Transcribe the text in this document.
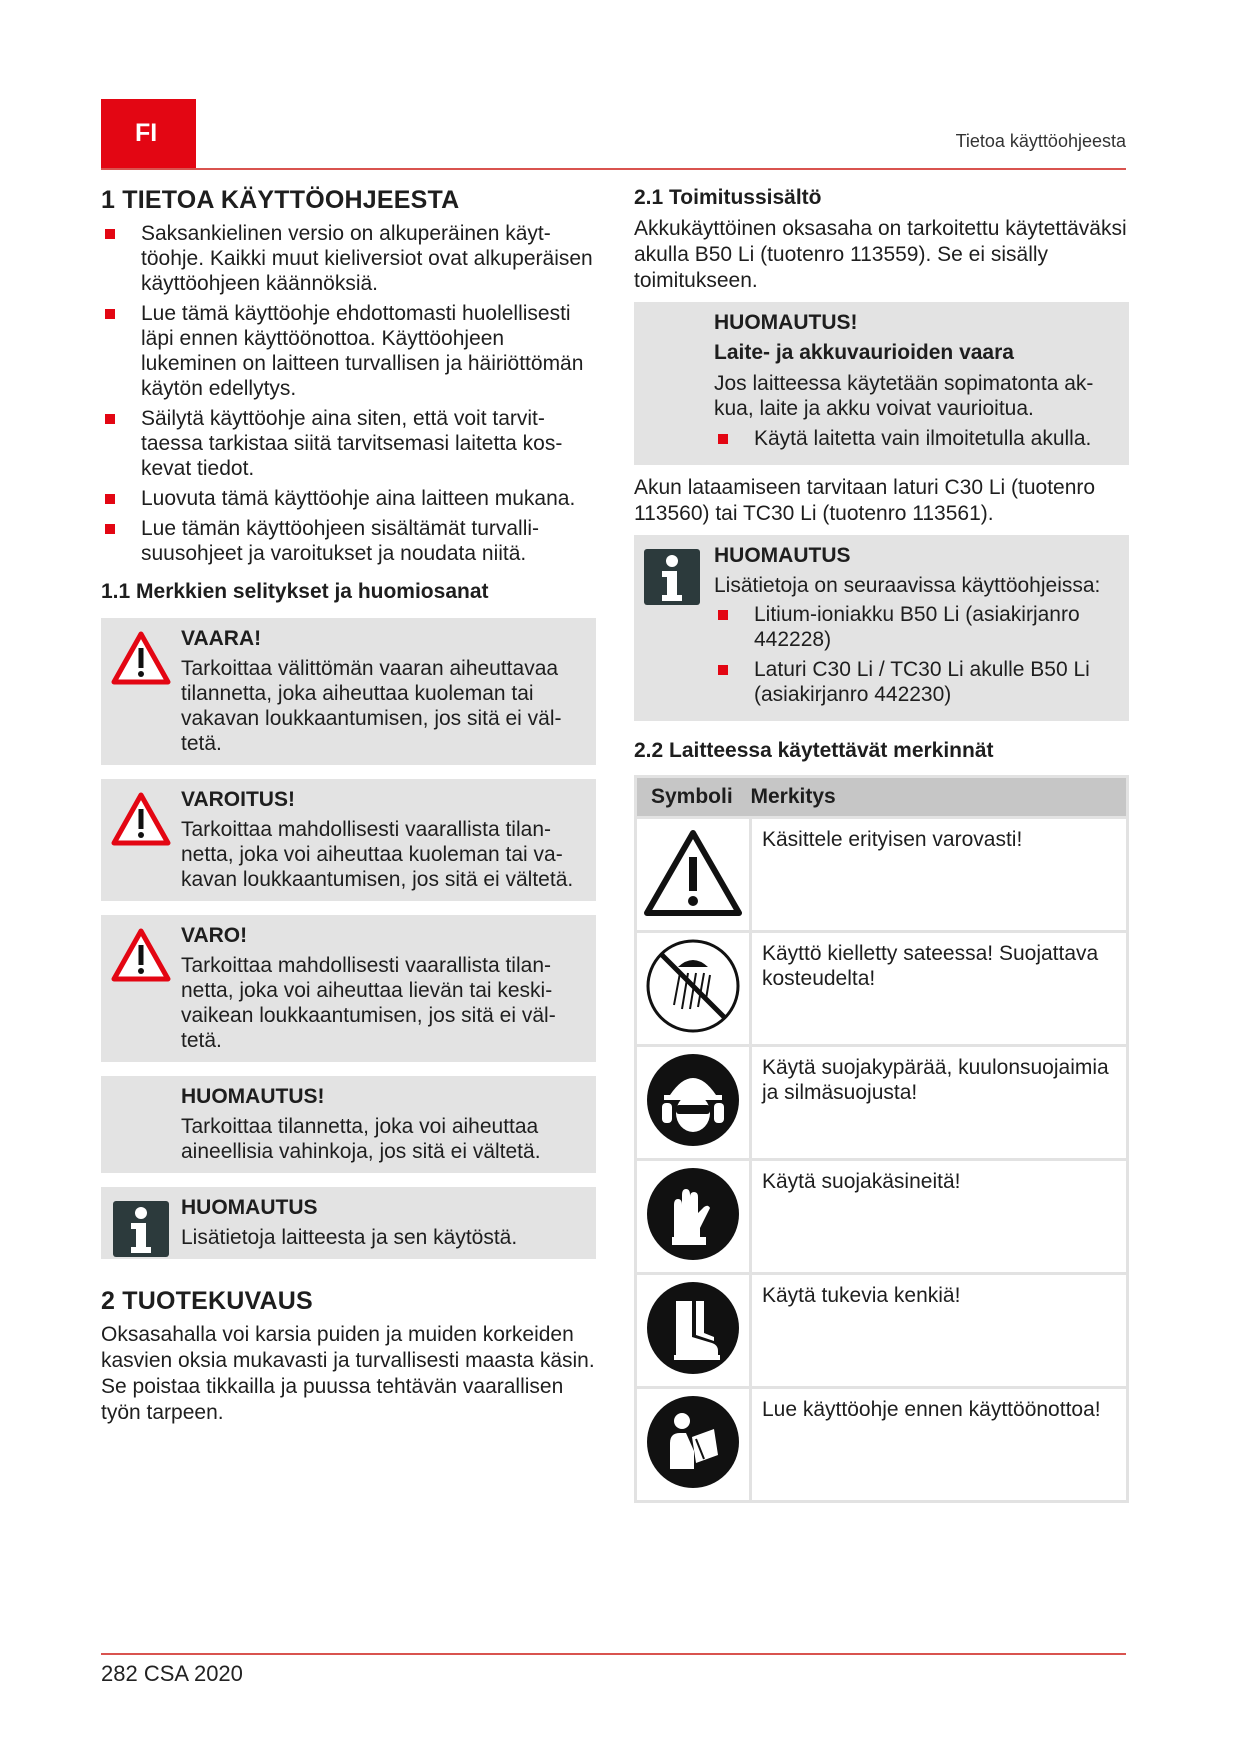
FI	Tietoa käyttöohjeesta
1 TIETOA KÄYTTÖOHJEESTA
Saksankielinen versio on alkuperäinen käyttöohje. Kaikki muut kieliversiot ovat alkuperäisen käyttöohjeen käännöksiä.
Lue tämä käyttöohje ehdottomasti huolellisesti läpi ennen käyttöönottoa. Käyttöohjeen lukeminen on laitteen turvallisen ja häiriöttömän käytön edellytys.
Säilytä käyttöohje aina siten, että voit tarvittaessa tarkistaa siitä tarvitsemasi laitetta koskevat tiedot.
Luovuta tämä käyttöohje aina laitteen mukana.
Lue tämän käyttöohjeen sisältämät turvallisuusohjeet ja varoitukset ja noudata niitä.
1.1 Merkkien selitykset ja huomiosanat
VAARA!
Tarkoittaa välittömän vaaran aiheuttavaa tilannetta, joka aiheuttaa kuoleman tai vakavan loukkaantumisen, jos sitä ei vältetä.
VAROITUS!
Tarkoittaa mahdollisesti vaarallista tilannetta, joka voi aiheuttaa kuoleman tai vakavan loukkaantumisen, jos sitä ei vältetä.
VARO!
Tarkoittaa mahdollisesti vaarallista tilannetta, joka voi aiheuttaa lievän tai keskivaikean loukkaantumisen, jos sitä ei vältetä.
HUOMAUTUS!
Tarkoittaa tilannetta, joka voi aiheuttaa aineellisia vahinkoja, jos sitä ei vältetä.
HUOMAUTUS
Lisätietoja laitteesta ja sen käytöstä.
2 TUOTEKUVAUS

Oksasahalla voi karsia puiden ja muiden korkeiden kasvien oksia mukavasti ja turvallisesti maasta käsin. Se poistaa tikkailla ja puussa tehtävän vaarallisen työn tarpeen.

2.1 Toimitussisältö

Akkukäyttöinen oksasaha on tarkoitettu käytettäväksi akulla B50 Li (tuotenro 113559). Se ei sisälly toimitukseen.

HUOMAUTUS!
Laite- ja akkuvaurioiden vaara
Jos laitteessa käytetään sopimatonta akkua, laite ja akku voivat vaurioitua.
Käytä laitetta vain ilmoitetulla akulla.

Akun lataamiseen tarvitaan laturi C30 Li (tuotenro 113560) tai TC30 Li (tuotenro 113561).

HUOMAUTUS
Lisätietoja on seuraavissa käyttöohjeissa:
Litium-ioniakku B50 Li (asiakirjanro 442228)
Laturi C30 Li / TC30 Li akulle B50 Li (asiakirjanro 442230)
2.2 Laitteessa käytettävät merkinnät
Symboli	Merkitys
	Käsittele erityisen varovasti!
	Käyttö kielletty sateessa! Suojattava kosteudelta!
	Käytä suojakypärää, kuulonsuojaimia ja silmäsuojusta!
	Käytä suojakäsineitä!
	Käytä tukevia kenkiä!
	Lue käyttöohje ennen käyttöönottoa!
282 CSA 2020
